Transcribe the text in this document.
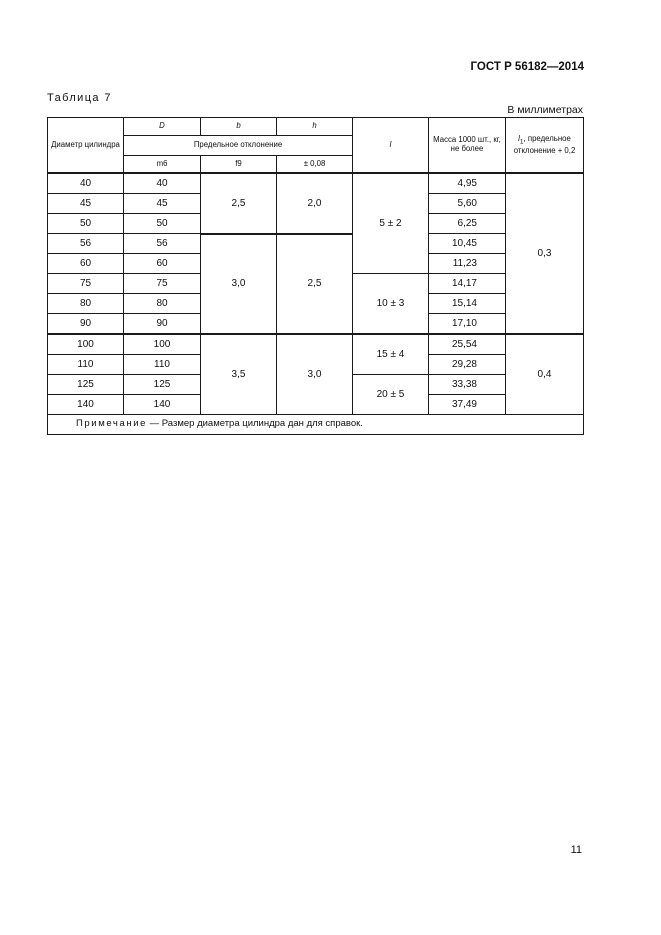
ГОСТ Р 56182—2014
Таблица 7
В миллиметрах
Диаметр цилиндра	D	b	h	l	Масса 1000 шт., кг, не более	$l_1$, предельное отклонение + 0,2
	Предельное отклонение					
	m6	f9	± 0,08			
40	40	2,5	2,0	5 ± 2	4,95	0,3
45	45				5,60	
50	50				6,25	
56	56	3,0	2,5		10,45	
60	60				11,23	
75	75			10 ± 3	14,17	
80	80				15,14	
90	90				17,10	
100	100	3,5	3,0	15 ± 4	25,54	0,4
110	110				29,28	
125	125			20 ± 5	33,38	
140	140				37,49	
Примечание — Размер диаметра цилиндра дан для справок.						
11
